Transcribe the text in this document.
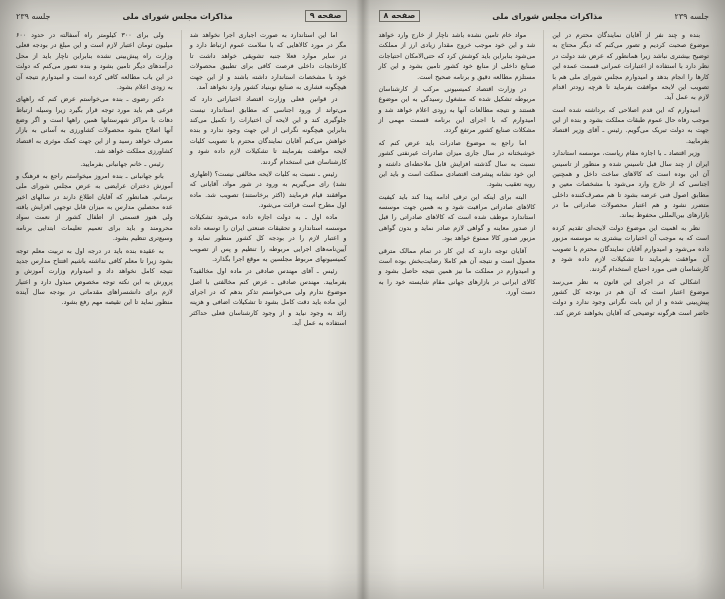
صفحه ۹
مذاکرات مجلس شورای ملی
جلسه ۲۳۹

اما این استاندارد به صورت اجباری اجرا نخواهد شد مگر در مورد کالاهایی که با سلامت عموم ارتباط دارد و در سایر موارد فعلا جنبه تشویقی خواهد داشت تا کارخانجات داخلی فرصت کافی برای تطبیق محصولات خود با مشخصات استاندارد داشته باشند و از این جهت هیچگونه فشاری به صنایع نوبنیاد کشور وارد نخواهد آمد.

در قوانین فعلی وزارت اقتصاد اختیاراتی دارد که می‌تواند از ورود اجناسی که مطابق استاندارد نیست جلوگیری کند و این لایحه آن اختیارات را تکمیل می‌کند بنابراین هیچگونه نگرانی از این جهت وجود ندارد و بنده خواهش می‌کنم آقایان نمایندگان محترم با تصویب کلیات لایحه موافقت بفرمایند تا تشکیلات لازم داده شود و کارشناسان فنی استخدام گردند.

رئیس ـ نسبت به کلیات لایحه مخالفی نیست؟ (اظهاری نشد) رای می‌گیریم به ورود در شور مواد، آقایانی که موافقند قیام فرمایند (اکثر برخاستند) تصویب شد. ماده اول مطرح است قرائت می‌شود.

ماده اول ـ به دولت اجازه داده می‌شود تشکیلات موسسه استاندارد و تحقیقات صنعتی ایران را توسعه داده و اعتبار لازم را در بودجه کل کشور منظور نماید و آیین‌نامه‌های اجرایی مربوطه را تنظیم و پس از تصویب کمیسیونهای مربوط مجلسین به موقع اجرا بگذارد.

رئیس ـ آقای مهندس صادقی در ماده اول مخالفید؟ بفرمایید. مهندس صادقی ـ عرض کنم مخالفتی با اصل موضوع ندارم ولی می‌خواستم تذکر بدهم که در اجرای این ماده باید دقت کامل بشود تا تشکیلات اضافی و هزینه زائد به وجود نیاید و از وجود کارشناسان فعلی حداکثر استفاده به عمل آید.

ولی برای ۳۰۰ کیلومتر راه آسفالته در حدود ۶۰۰ میلیون تومان اعتبار لازم است و این مبلغ در بودجه فعلی وزارت راه پیش‌بینی نشده بنابراین ناچار باید از محل درآمدهای دیگر تامین بشود و بنده تصور می‌کنم که دولت در این باب مطالعه کافی کرده است و امیدوارم نتیجه آن به زودی اعلام بشود.

دکتر رضوی ـ بنده می‌خواستم عرض کنم که راههای فرعی هم باید مورد توجه قرار بگیرد زیرا وسیله ارتباط دهات با مراکز شهرستانها همین راهها است و اگر وضع آنها اصلاح بشود محصولات کشاورزی به آسانی به بازار مصرف خواهد رسید و از این جهت کمک موثری به اقتصاد کشاورزی مملکت خواهد شد.

رئیس ـ خانم جهانبانی بفرمایید.

بانو جهانبانی ـ بنده امروز میخواستم راجع به فرهنگ و آموزش دختران عرایضی به عرض مجلس شورای ملی برسانم. همانطور که آقایان اطلاع دارند در سالهای اخیر عده محصلین مدارس به میزان قابل توجهی افزایش یافته ولی هنوز قسمتی از اطفال کشور از نعمت سواد محرومند و باید برای تعمیم تعلیمات ابتدایی برنامه وسیع‌تری تنظیم بشود.

به عقیده بنده باید در درجه اول به تربیت معلم توجه بشود زیرا تا معلم کافی نداشته باشیم افتتاح مدارس جدید نتیجه کامل نخواهد داد و امیدوارم وزارت آموزش و پرورش به این نکته توجه مخصوص مبذول دارد و اعتبار لازم برای دانشسراهای مقدماتی در بودجه سال آینده منظور نماید تا این نقیصه مهم رفع بشود.

جلسه ۲۳۹
مذاکرات مجلس شورای ملی
صفحه ۸

بنده و چند نفر از آقایان نمایندگان محترم در این موضوع صحبت کردیم و تصور می‌کنم که دیگر محتاج به توضیح بیشتری نباشد زیرا همانطور که عرض شد دولت در نظر دارد با استفاده از اعتبارات عمرانی قسمت عمده این کارها را انجام بدهد و امیدوارم مجلس شورای ملی هم با تصویب این لایحه موافقت بفرماید تا هرچه زودتر اقدام لازم به عمل آید.

امیدوارم که این قدم اصلاحی که برداشته شده است موجب رفاه حال عموم طبقات مملکت بشود و بنده از این جهت به دولت تبریک می‌گویم. رئیس ـ آقای وزیر اقتصاد بفرمایید.

وزیر اقتصاد ـ با اجازه مقام ریاست، موسسه استاندارد ایران از چند سال قبل تاسیس شده و منظور از تاسیس آن این بوده است که کالاهای ساخت داخل و همچنین اجناسی که از خارج وارد می‌شود با مشخصات معین و مطابق اصول فنی عرضه بشود تا هم مصرف‌کننده داخلی متضرر نشود و هم اعتبار محصولات صادراتی ما در بازارهای بین‌المللی محفوظ بماند.

نظر به اهمیت این موضوع دولت لایحه‌ای تقدیم کرده است که به موجب آن اختیارات بیشتری به موسسه مزبور داده می‌شود و امیدوارم آقایان نمایندگان محترم با تصویب آن موافقت بفرمایند تا تشکیلات لازم داده شود و کارشناسان فنی مورد احتیاج استخدام گردند.

اشکالی که در اجرای این قانون به نظر می‌رسد موضوع اعتبار است که آن هم در بودجه کل کشور پیش‌بینی شده و از این بابت نگرانی وجود ندارد و دولت حاضر است هرگونه توضیحی که آقایان بخواهند عرض کند.

مواد خام تامین نشده باشد ناچار از خارج وارد خواهد شد و این خود موجب خروج مقدار زیادی ارز از مملکت می‌شود بنابراین باید کوشش کرد که حتی‌الامکان احتیاجات صنایع داخلی از منابع خود کشور تامین بشود و این کار مستلزم مطالعه دقیق و برنامه صحیح است.

در وزارت اقتصاد کمیسیونی مرکب از کارشناسان مربوطه تشکیل شده که مشغول رسیدگی به این موضوع هستند و نتیجه مطالعات آنها به زودی اعلام خواهد شد و امیدوارم که با اجرای این برنامه قسمت مهمی از مشکلات صنایع کشور مرتفع گردد.

اما راجع به موضوع صادرات باید عرض کنم که خوشبختانه در سال جاری میزان صادرات غیرنفتی کشور نسبت به سال گذشته افزایش قابل ملاحظه‌ای داشته و این خود نشانه پیشرفت اقتصادی مملکت است و باید این رویه تعقیب بشود.

البته برای اینکه این ترقی ادامه پیدا کند باید کیفیت کالاهای صادراتی مراقبت شود و به همین جهت موسسه استاندارد موظف شده است که کالاهای صادراتی را قبل از صدور معاینه و گواهی لازم صادر نماید و بدون گواهی مزبور صدور کالا ممنوع خواهد بود.

آقایان توجه دارند که این کار در تمام ممالک مترقی معمول است و نتیجه آن هم کاملا رضایت‌بخش بوده است و امیدوارم در مملکت ما نیز همین نتیجه حاصل بشود و کالای ایرانی در بازارهای جهانی مقام شایسته خود را به دست آورد.
